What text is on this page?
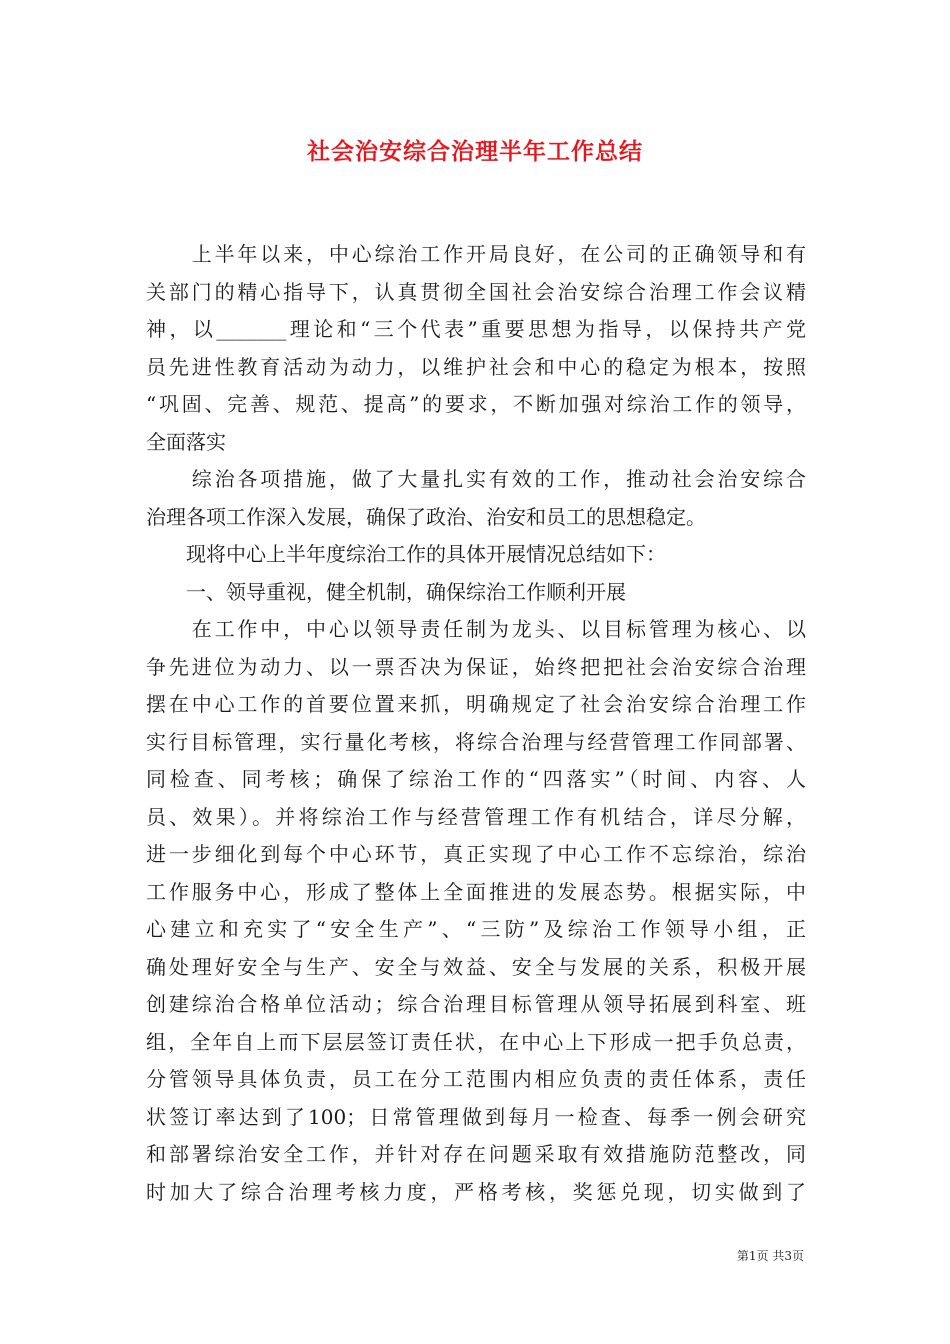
社会治安综合治理半年工作总结
　　上半年以来，中心综治工作开局良好，在公司的正确领导和有
关部门的精心指导下，认真贯彻全国社会治安综合治理工作会议精
神，以_______理论和“三个代表”重要思想为指导，以保持共产党
员先进性教育活动为动力，以维护社会和中心的稳定为根本，按照
“巩固、完善、规范、提高”的要求，不断加强对综治工作的领导，
全面落实
　　综治各项措施，做了大量扎实有效的工作，推动社会治安综合
治理各项工作深入发展，确保了政治、治安和员工的思想稳定。
　　现将中心上半年度综治工作的具体开展情况总结如下：
　　一、领导重视，健全机制，确保综治工作顺利开展
　　在工作中，中心以领导责任制为龙头、以目标管理为核心、以
争先进位为动力、以一票否决为保证，始终把把社会治安综合治理
摆在中心工作的首要位置来抓，明确规定了社会治安综合治理工作
实行目标管理，实行量化考核，将综合治理与经营管理工作同部署、
同检查、同考核；确保了综治工作的“四落实”（时间、内容、人
员、效果）。并将综治工作与经营管理工作有机结合，详尽分解，
进一步细化到每个中心环节，真正实现了中心工作不忘综治，综治
工作服务中心，形成了整体上全面推进的发展态势。根据实际，中
心建立和充实了“安全生产”、“三防”及综治工作领导小组，正
确处理好安全与生产、安全与效益、安全与发展的关系，积极开展
创建综治合格单位活动；综合治理目标管理从领导拓展到科室、班
组，全年自上而下层层签订责任状，在中心上下形成一把手负总责，
分管领导具体负责，员工在分工范围内相应负责的责任体系，责任
状签订率达到了100；日常管理做到每月一检查、每季一例会研究
和部署综治安全工作，并针对存在问题采取有效措施防范整改，同
时加大了综合治理考核力度，严格考核，奖惩兑现，切实做到了
第1页 共3页
